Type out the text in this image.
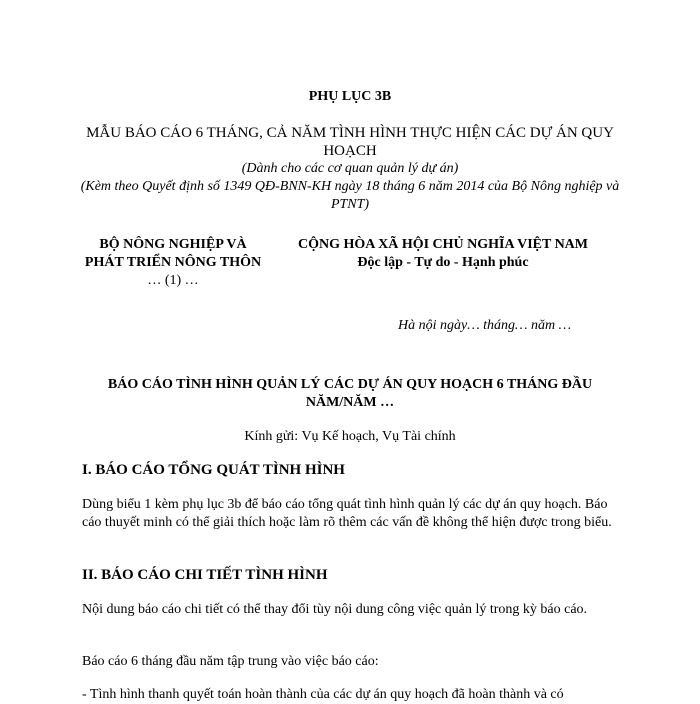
PHỤ LỤC 3B
MẪU BÁO CÁO 6 THÁNG, CẢ NĂM TÌNH HÌNH THỰC HIỆN CÁC DỰ ÁN QUY HOẠCH
(Dành cho các cơ quan quản lý dự án)
(Kèm theo Quyết định số 1349 QĐ-BNN-KH ngày 18 tháng 6 năm 2014 của Bộ Nông nghiệp và PTNT)
BỘ NÔNG NGHIỆP VÀ PHÁT TRIỂN NÔNG THÔN
… (1) …
CỘNG HÒA XÃ HỘI CHỦ NGHĨA VIỆT NAM
Độc lập - Tự do - Hạnh phúc
Hà nội ngày… tháng… năm …
BÁO CÁO TÌNH HÌNH QUẢN LÝ CÁC DỰ ÁN QUY HOẠCH 6 THÁNG ĐẦU NĂM/NĂM …
Kính gửi: Vụ Kế hoạch, Vụ Tài chính
I. BÁO CÁO TỔNG QUÁT TÌNH HÌNH
Dùng biểu 1 kèm phụ lục 3b để báo cáo tổng quát tình hình quản lý các dự án quy hoạch. Báo cáo thuyết minh có thể giải thích hoặc làm rõ thêm các vấn đề không thể hiện được trong biểu.
II. BÁO CÁO CHI TIẾT TÌNH HÌNH
Nội dung báo cáo chi tiết có thể thay đổi tùy nội dung công việc quản lý trong kỳ báo cáo.
Báo cáo 6 tháng đầu năm tập trung vào việc báo cáo:
- Tình hình thanh quyết toán hoàn thành của các dự án quy hoạch đã hoàn thành và có
